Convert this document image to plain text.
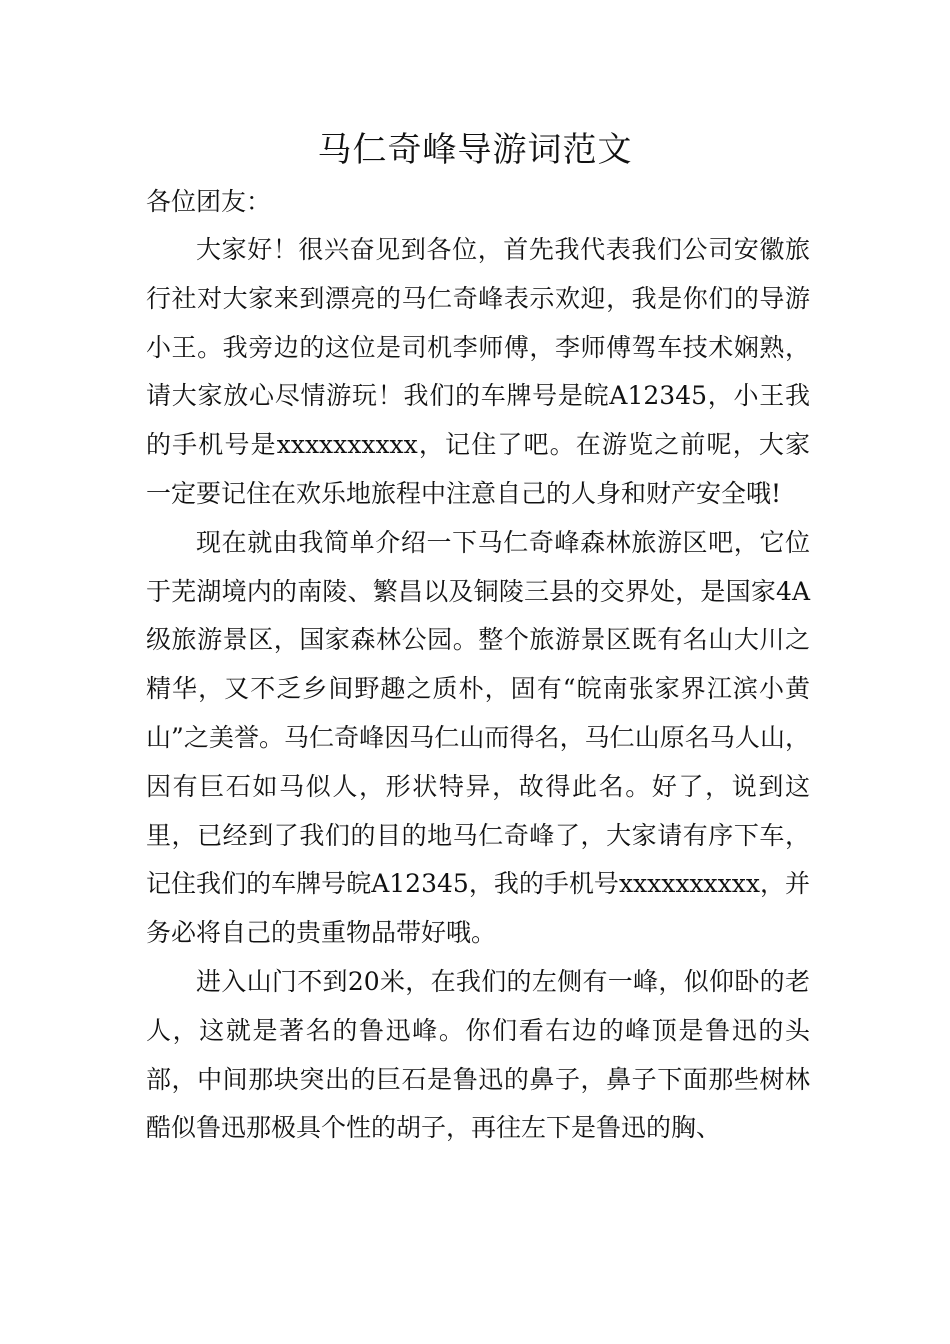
马仁奇峰导游词范文
各位团友：

大家好！很兴奋见到各位，首先我代表我们公司安徽旅行社对大家来到漂亮的马仁奇峰表示欢迎，我是你们的导游小王。我旁边的这位是司机李师傅，李师傅驾车技术娴熟，请大家放心尽情游玩！我们的车牌号是皖A12345，小王我的手机号是xxxxxxxxxx，记住了吧。在游览之前呢，大家一定要记住在欢乐地旅程中注意自己的人身和财产安全哦!

现在就由我简单介绍一下马仁奇峰森林旅游区吧，它位于芜湖境内的南陵、繁昌以及铜陵三县的交界处，是国家4A级旅游景区，国家森林公园。整个旅游景区既有名山大川之精华，又不乏乡间野趣之质朴，固有“皖南张家界江滨小黄山”之美誉。马仁奇峰因马仁山而得名，马仁山原名马人山，因有巨石如马似人，形状特异，故得此名。好了，说到这里，已经到了我们的目的地马仁奇峰了，大家请有序下车，记住我们的车牌号皖A12345，我的手机号xxxxxxxxxx，并务必将自己的贵重物品带好哦。

进入山门不到20米，在我们的左侧有一峰，似仰卧的老人，这就是著名的鲁迅峰。你们看右边的峰顶是鲁迅的头部，中间那块突出的巨石是鲁迅的鼻子，鼻子下面那些树林酷似鲁迅那极具个性的胡子，再往左下是鲁迅的胸、
